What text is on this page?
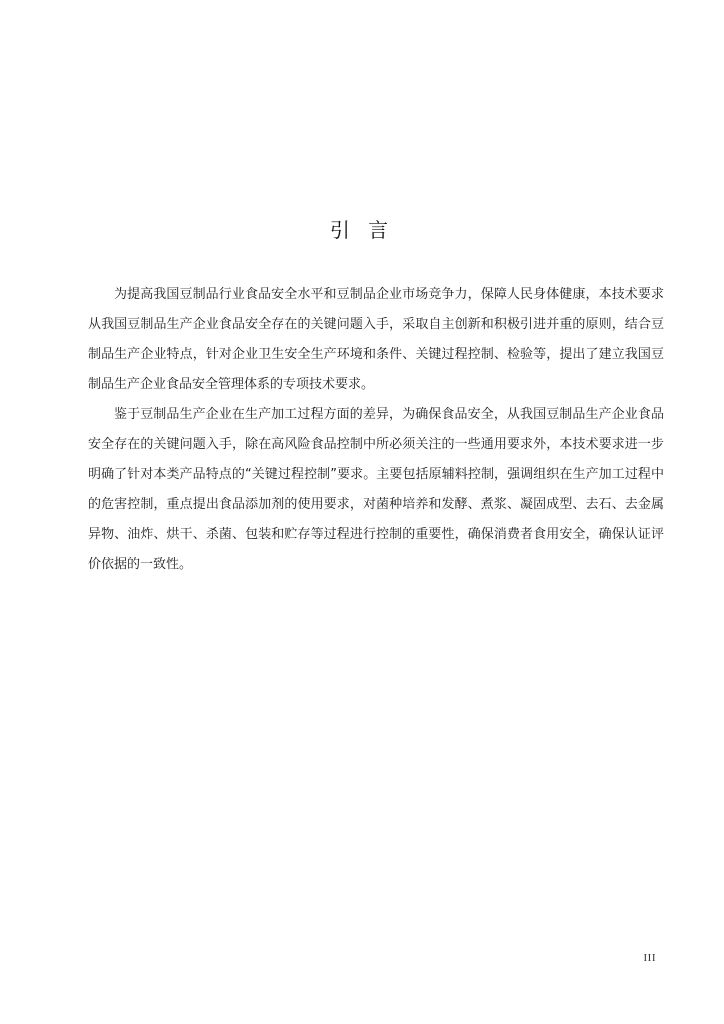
引 言

为提高我国豆制品行业食品安全水平和豆制品企业市场竞争力，保障人民身体健康，本技术要求从我国豆制品生产企业食品安全存在的关键问题入手，采取自主创新和积极引进并重的原则，结合豆制品生产企业特点，针对企业卫生安全生产环境和条件、关键过程控制、检验等，提出了建立我国豆制品生产企业食品安全管理体系的专项技术要求。

鉴于豆制品生产企业在生产加工过程方面的差异，为确保食品安全，从我国豆制品生产企业食品安全存在的关键问题入手，除在高风险食品控制中所必须关注的一些通用要求外，本技术要求进一步明确了针对本类产品特点的“关键过程控制”要求。主要包括原辅料控制，强调组织在生产加工过程中的危害控制，重点提出食品添加剂的使用要求，对菌种培养和发酵、煮浆、凝固成型、去石、去金属异物、油炸、烘干、杀菌、包装和贮存等过程进行控制的重要性，确保消费者食用安全，确保认证评价依据的一致性。

III
